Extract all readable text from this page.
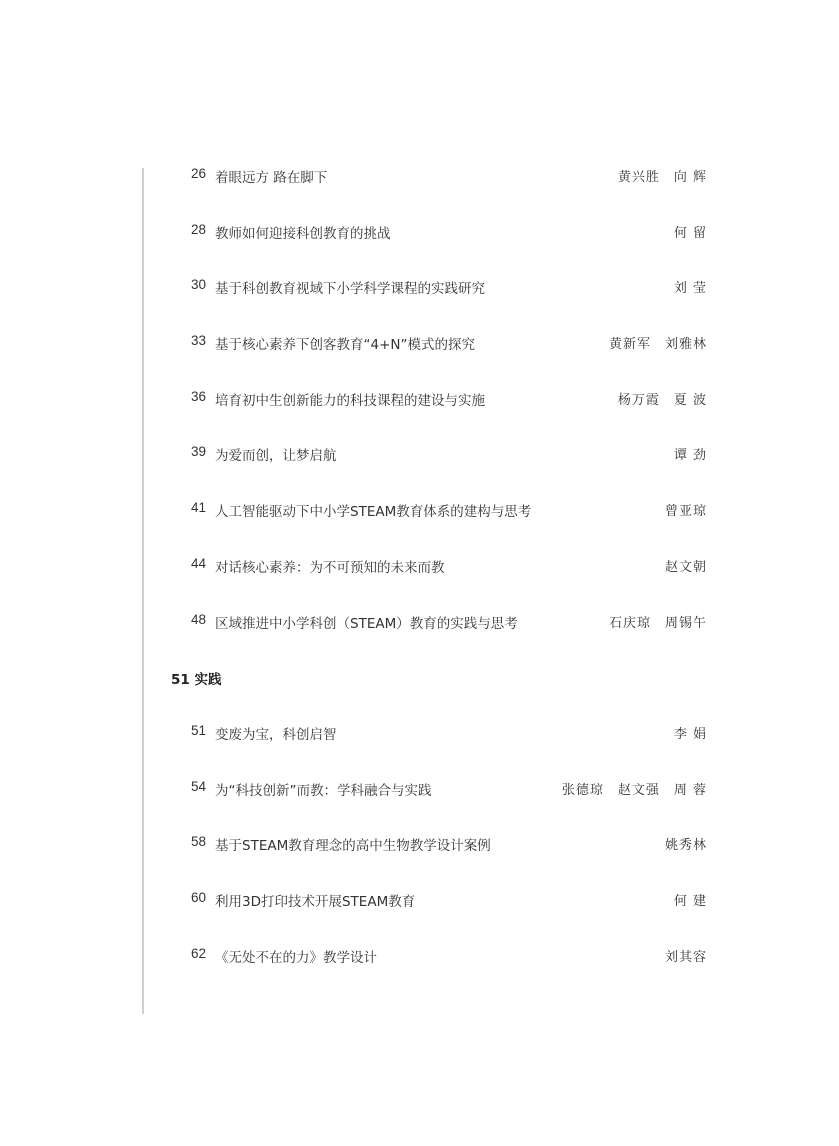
26 着眼远方 路在脚下	黄兴胜 向 辉
28 教师如何迎接科创教育的挑战	何 留
30 基于科创教育视域下小学科学课程的实践研究	刘 莹
33 基于核心素养下创客教育“4+N”模式的探究	黄新军 刘雅林
36 培育初中生创新能力的科技课程的建设与实施	杨万霞 夏 波
39 为爱而创，让梦启航	谭 劲
41 人工智能驱动下中小学STEAM教育体系的建构与思考	曾亚琼
44 对话核心素养：为不可预知的未来而教	赵文朝
48 区域推进中小学科创（STEAM）教育的实践与思考	石庆琼 周锡午
51 实践
51 变废为宝，科创启智	李 娟
54 为“科技创新”而教：学科融合与实践	张德琼 赵文强 周 蓉
58 基于STEAM教育理念的高中生物教学设计案例	姚秀林
60 利用3D打印技术开展STEAM教育	何 建
62 《无处不在的力》教学设计	刘其容
